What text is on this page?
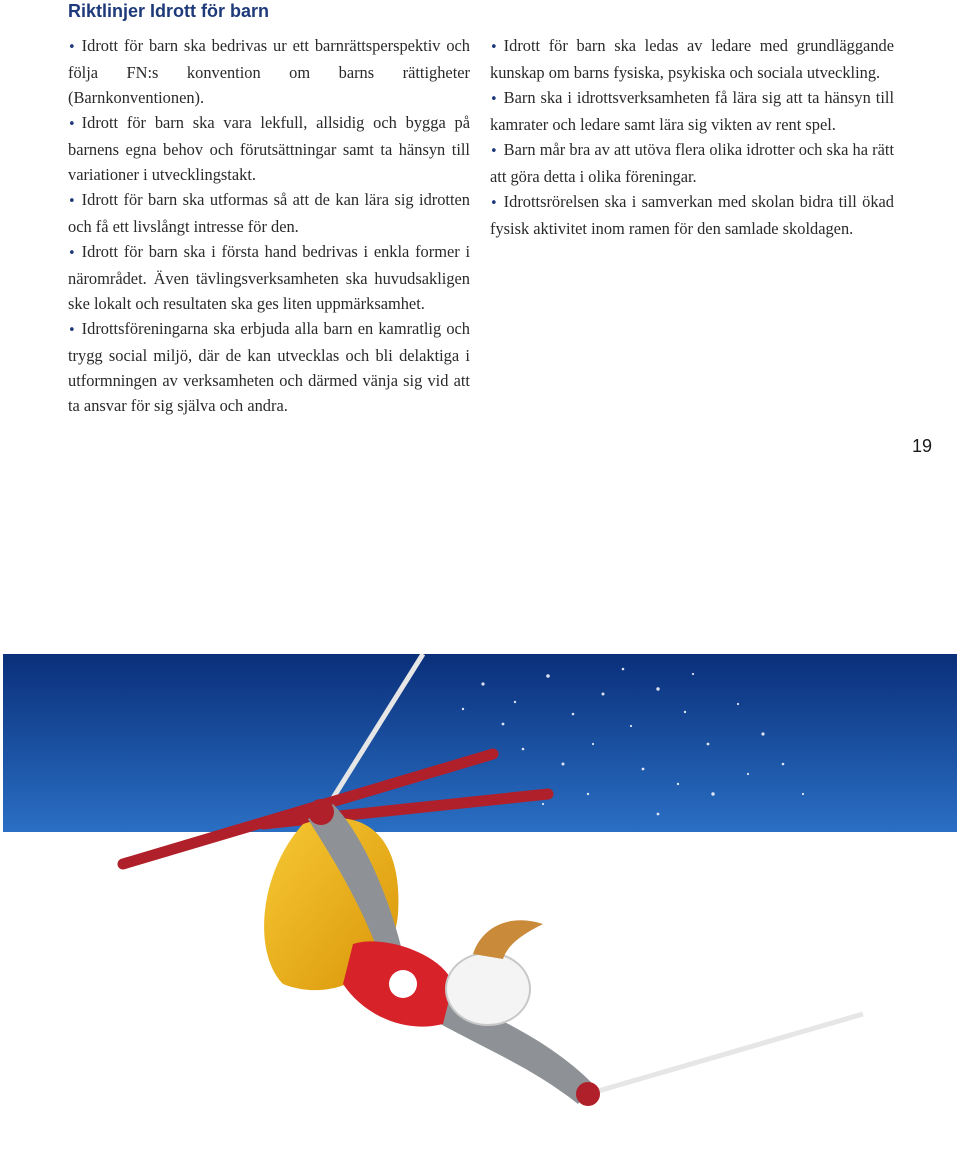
Riktlinjer Idrott för barn

• Idrott för barn ska bedrivas ur ett barnrättsperspektiv och följa FN:s konvention om barns rättigheter (Barnkonventionen).

• Idrott för barn ska vara lekfull, allsidig och bygga på barnens egna behov och förutsättningar samt ta hänsyn till variationer i utvecklingstakt.

• Idrott för barn ska utformas så att de kan lära sig idrotten och få ett livslångt intresse för den.

• Idrott för barn ska i första hand bedrivas i enkla former i närområdet. Även tävlingsverksamheten ska huvudsakligen ske lokalt och resultaten ska ges liten uppmärksamhet.

• Idrottsföreningarna ska erbjuda alla barn en kamratlig och trygg social miljö, där de kan utvecklas och bli delaktiga i utformningen av verksamheten och därmed vänja sig vid att ta ansvar för sig själva och andra.

• Idrott för barn ska ledas av ledare med grundläggande kunskap om barns fysiska, psykiska och sociala utveckling.

• Barn ska i idrottsverksamheten få lära sig att ta hänsyn till kamrater och ledare samt lära sig vikten av rent spel.

• Barn mår bra av att utöva flera olika idrotter och ska ha rätt att göra detta i olika föreningar.

• Idrottsrörelsen ska i samverkan med skolan bidra till ökad fysisk aktivitet inom ramen för den samlade skoldagen.

19
